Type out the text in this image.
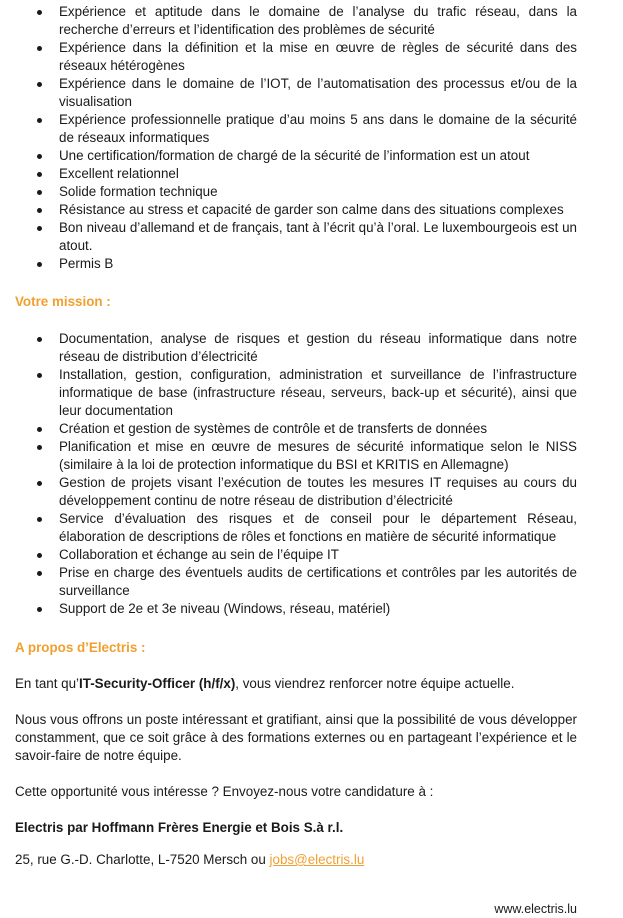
Expérience et aptitude dans le domaine de l’analyse du trafic réseau, dans la recherche d’erreurs et l’identification des problèmes de sécurité
Expérience dans la définition et la mise en œuvre de règles de sécurité dans des réseaux hétérogènes
Expérience dans le domaine de l’IOT, de l’automatisation des processus et/ou de la visualisation
Expérience professionnelle pratique d’au moins 5 ans dans le domaine de la sécurité de réseaux informatiques
Une certification/formation de chargé de la sécurité de l’information est un atout
Excellent relationnel
Solide formation technique
Résistance au stress et capacité de garder son calme dans des situations complexes
Bon niveau d’allemand et de français, tant à l’écrit qu’à l’oral. Le luxembourgeois est un atout.
Permis B
Votre mission :
Documentation, analyse de risques et gestion du réseau informatique dans notre réseau de distribution d’électricité
Installation, gestion, configuration, administration et surveillance de l’infrastructure informatique de base (infrastructure réseau, serveurs, back-up et sécurité), ainsi que leur documentation
Création et gestion de systèmes de contrôle et de transferts de données
Planification et mise en œuvre de mesures de sécurité informatique selon le NISS (similaire à la loi de protection informatique du BSI et KRITIS en Allemagne)
Gestion de projets visant l’exécution de toutes les mesures IT requises au cours du développement continu de notre réseau de distribution d’électricité
Service d’évaluation des risques et de conseil pour le département Réseau, élaboration de descriptions de rôles et fonctions en matière de sécurité informatique
Collaboration et échange au sein de l’équipe IT
Prise en charge des éventuels audits de certifications et contrôles par les autorités de surveillance
Support de 2e et 3e niveau (Windows, réseau, matériel)
A propos d’Electris :
En tant qu’IT-Security-Officer (h/f/x), vous viendrez renforcer notre équipe actuelle.
Nous vous offrons un poste intéressant et gratifiant, ainsi que la possibilité de vous développer constamment, que ce soit grâce à des formations externes ou en partageant l’expérience et le savoir-faire de notre équipe.
Cette opportunité vous intéresse ? Envoyez-nous votre candidature à :
Electris par Hoffmann Frères Energie et Bois S.à r.l.
25, rue G.-D. Charlotte, L-7520 Mersch ou jobs@electris.lu
www.electris.lu
